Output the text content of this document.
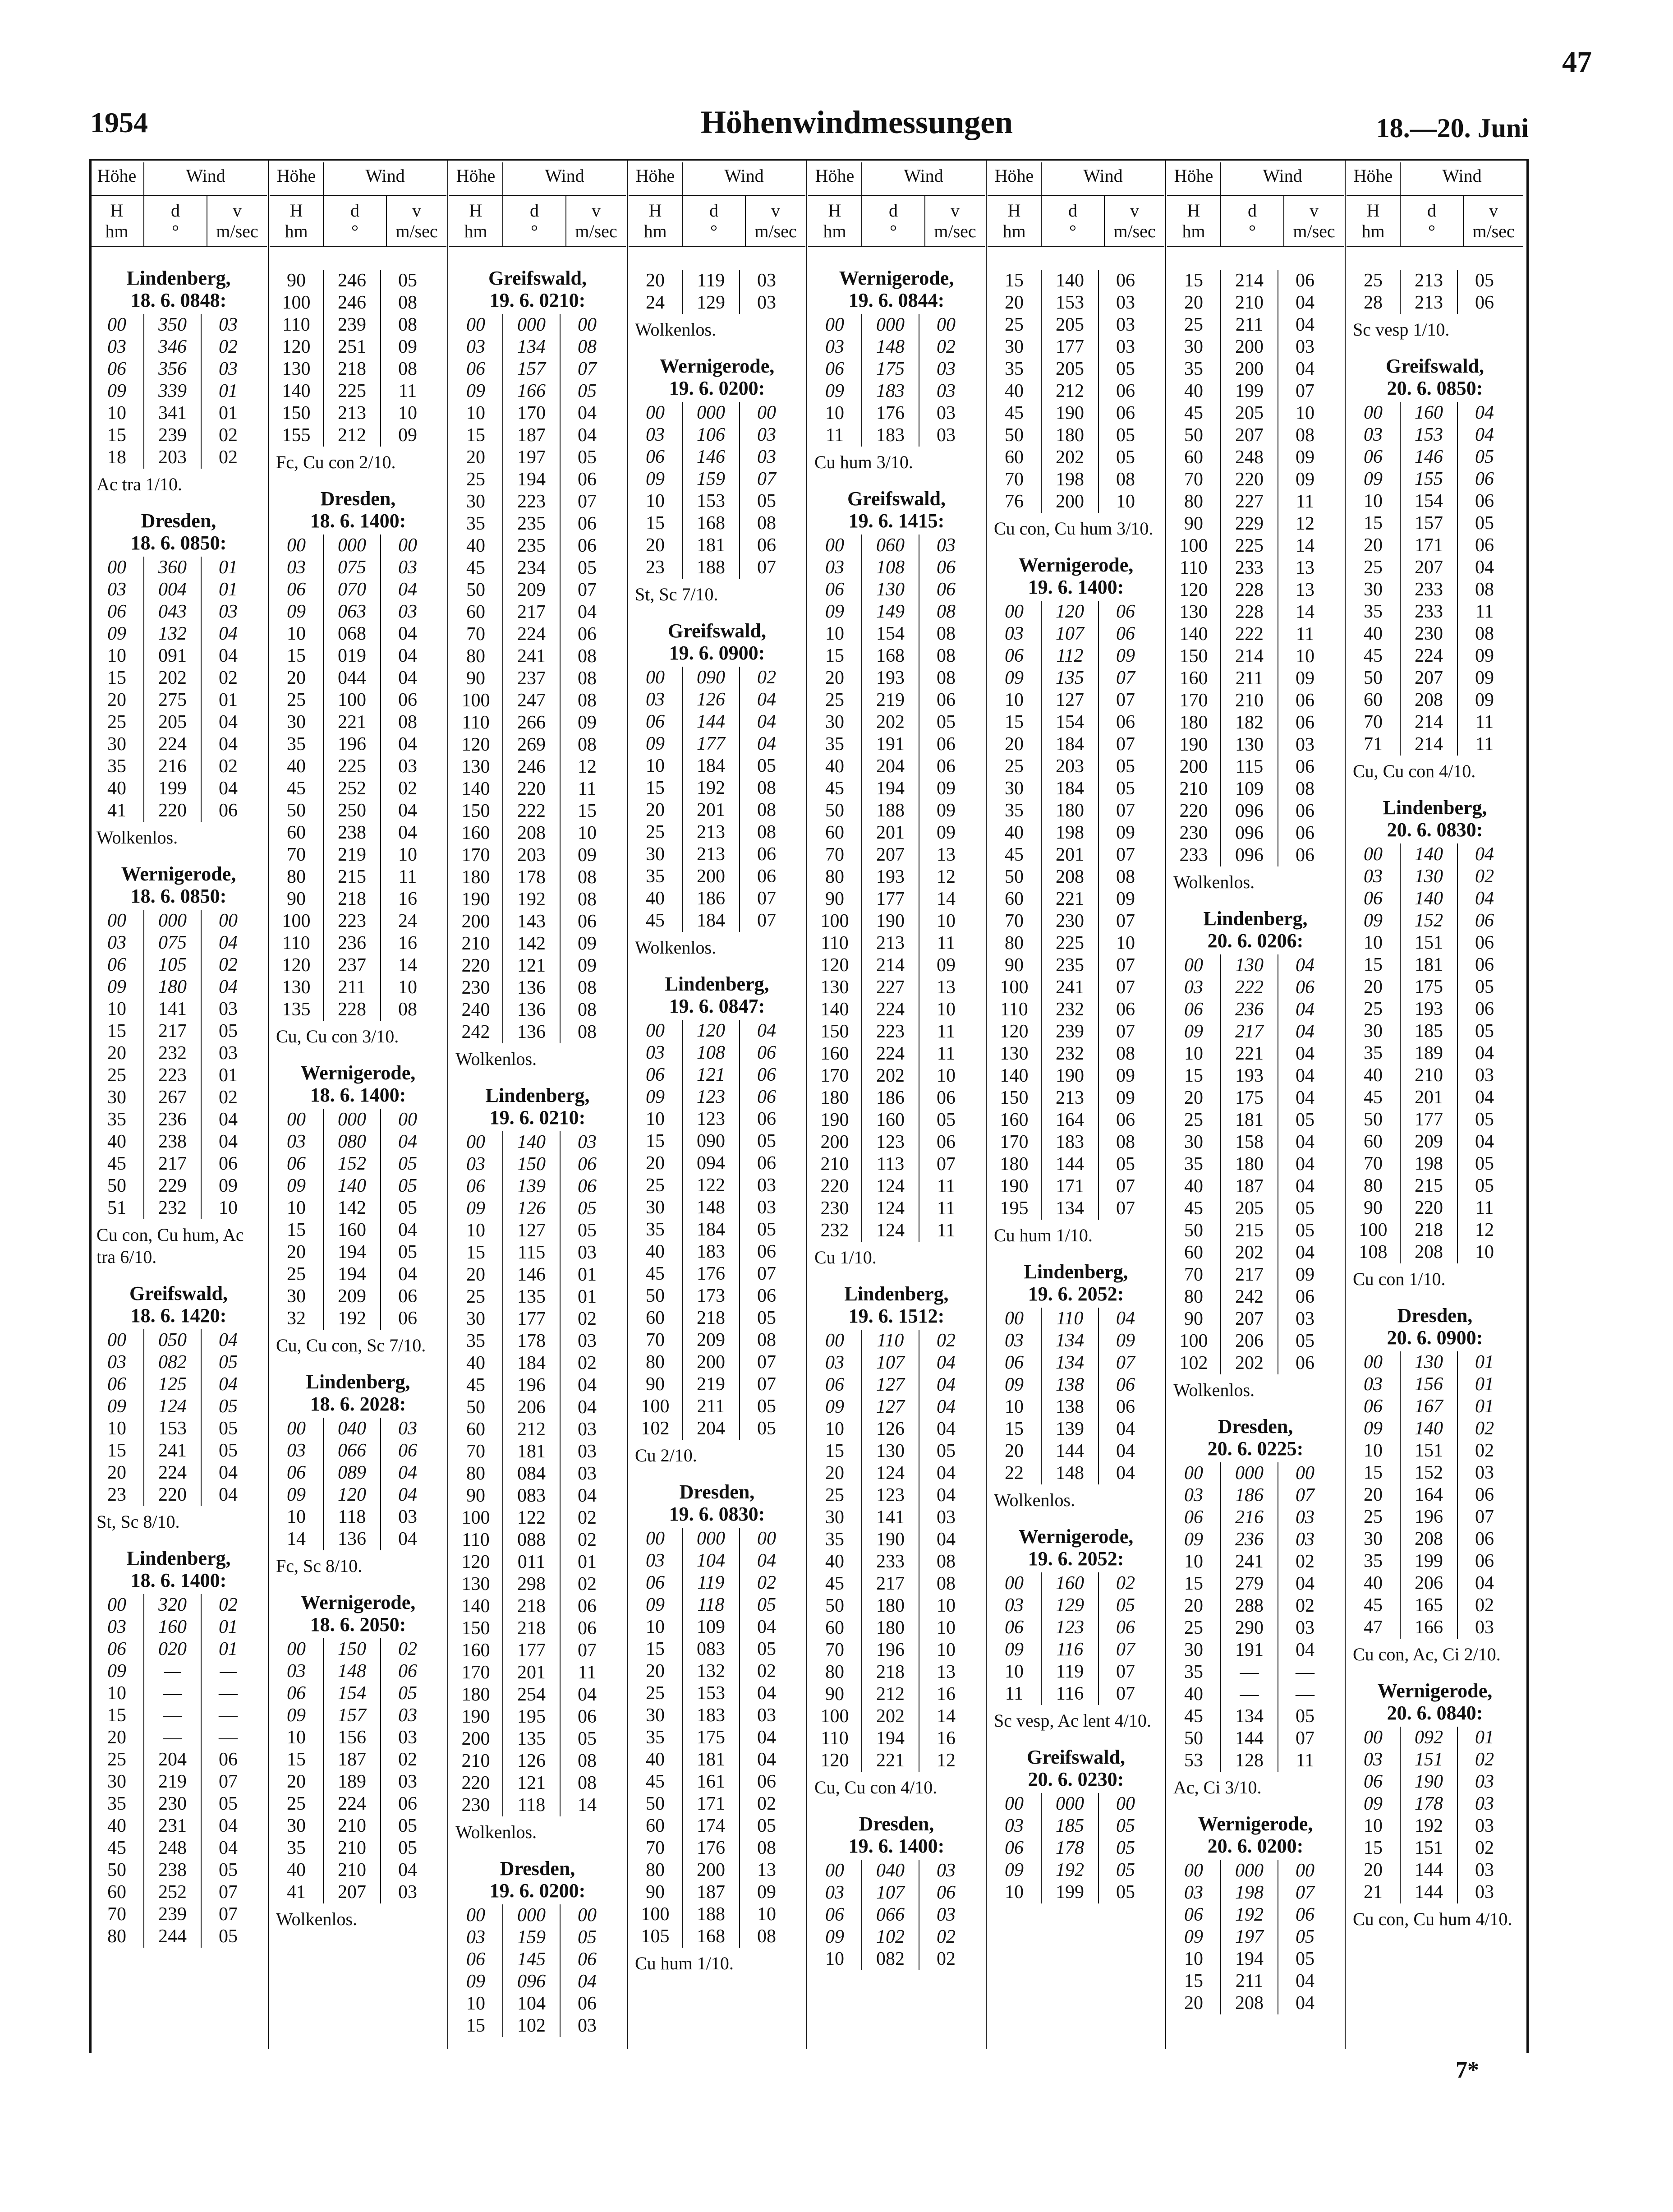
47
1954	Höhenwindmessungen	18.—20. Juni
Höhe	Wind
H
hm
d
°
v
m/sec
Lindenberg,
18. 6. 0848:
00	350	03
03	346	02
06	356	03
09	339	01
10	341	01
15	239	02
18	203	02
Ac tra 1/10.
Dresden,
18. 6. 0850:
00	360	01
03	004	01
06	043	03
09	132	04
10	091	04
15	202	02
20	275	01
25	205	04
30	224	04
35	216	02
40	199	04
41	220	06
Wolkenlos.
Wernigerode,
18. 6. 0850:
00	000	00
03	075	04
06	105	02
09	180	04
10	141	03
15	217	05
20	232	03
25	223	01
30	267	02
35	236	04
40	238	04
45	217	06
50	229	09
51	232	10
Cu con, Cu hum, Ac tra 6/10.
Greifswald,
18. 6. 1420:
00	050	04
03	082	05
06	125	04
09	124	05
10	153	05
15	241	05
20	224	04
23	220	04
St, Sc 8/10.
Lindenberg,
18. 6. 1400:
00	320	02
03	160	01
06	020	01
09	—	—
10	—	—
15	—	—
20	—	—
25	204	06
30	219	07
35	230	05
40	231	04
45	248	04
50	238	05
60	252	07
70	239	07
80	244	05
Höhe	Wind
H
hm
d
°
v
m/sec
90	246	05
100	246	08
110	239	08
120	251	09
130	218	08
140	225	11
150	213	10
155	212	09
Fc, Cu con 2/10.
Dresden,
18. 6. 1400:
00	000	00
03	075	03
06	070	04
09	063	03
10	068	04
15	019	04
20	044	04
25	100	06
30	221	08
35	196	04
40	225	03
45	252	02
50	250	04
60	238	04
70	219	10
80	215	11
90	218	16
100	223	24
110	236	16
120	237	14
130	211	10
135	228	08
Cu, Cu con 3/10.
Wernigerode,
18. 6. 1400:
00	000	00
03	080	04
06	152	05
09	140	05
10	142	05
15	160	04
20	194	05
25	194	04
30	209	06
32	192	06
Cu, Cu con, Sc 7/10.
Lindenberg,
18. 6. 2028:
00	040	03
03	066	06
06	089	04
09	120	04
10	118	03
14	136	04
Fc, Sc 8/10.
Wernigerode,
18. 6. 2050:
00	150	02
03	148	06
06	154	05
09	157	03
10	156	03
15	187	02
20	189	03
25	224	06
30	210	05
35	210	05
40	210	04
41	207	03
Wolkenlos.
Höhe	Wind
H
hm
d
°
v
m/sec
Greifswald,
19. 6. 0210:
00	000	00
03	134	08
06	157	07
09	166	05
10	170	04
15	187	04
20	197	05
25	194	06
30	223	07
35	235	06
40	235	06
45	234	05
50	209	07
60	217	04
70	224	06
80	241	08
90	237	08
100	247	08
110	266	09
120	269	08
130	246	12
140	220	11
150	222	15
160	208	10
170	203	09
180	178	08
190	192	08
200	143	06
210	142	09
220	121	09
230	136	08
240	136	08
242	136	08
Wolkenlos.
Lindenberg,
19. 6. 0210:
00	140	03
03	150	06
06	139	06
09	126	05
10	127	05
15	115	03
20	146	01
25	135	01
30	177	02
35	178	03
40	184	02
45	196	04
50	206	04
60	212	03
70	181	03
80	084	03
90	083	04
100	122	02
110	088	02
120	011	01
130	298	02
140	218	06
150	218	06
160	177	07
170	201	11
180	254	04
190	195	06
200	135	05
210	126	08
220	121	08
230	118	14
Wolkenlos.
Dresden,
19. 6. 0200:
00	000	00
03	159	05
06	145	06
09	096	04
10	104	06
15	102	03
Höhe	Wind
H
hm
d
°
v
m/sec
20	119	03
24	129	03
Wolkenlos.
Wernigerode,
19. 6. 0200:
00	000	00
03	106	03
06	146	03
09	159	07
10	153	05
15	168	08
20	181	06
23	188	07
St, Sc 7/10.
Greifswald,
19. 6. 0900:
00	090	02
03	126	04
06	144	04
09	177	04
10	184	05
15	192	08
20	201	08
25	213	08
30	213	06
35	200	06
40	186	07
45	184	07
Wolkenlos.
Lindenberg,
19. 6. 0847:
00	120	04
03	108	06
06	121	06
09	123	06
10	123	06
15	090	05
20	094	06
25	122	03
30	148	03
35	184	05
40	183	06
45	176	07
50	173	06
60	218	05
70	209	08
80	200	07
90	219	07
100	211	05
102	204	05
Cu 2/10.
Dresden,
19. 6. 0830:
00	000	00
03	104	04
06	119	02
09	118	05
10	109	04
15	083	05
20	132	02
25	153	04
30	183	03
35	175	04
40	181	04
45	161	06
50	171	02
60	174	05
70	176	08
80	200	13
90	187	09
100	188	10
105	168	08
Cu hum 1/10.
Höhe	Wind
H
hm
d
°
v
m/sec
Wernigerode,
19. 6. 0844:
00	000	00
03	148	02
06	175	03
09	183	03
10	176	03
11	183	03
Cu hum 3/10.
Greifswald,
19. 6. 1415:
00	060	03
03	108	06
06	130	06
09	149	08
10	154	08
15	168	08
20	193	08
25	219	06
30	202	05
35	191	06
40	204	06
45	194	09
50	188	09
60	201	09
70	207	13
80	193	12
90	177	14
100	190	10
110	213	11
120	214	09
130	227	13
140	224	10
150	223	11
160	224	11
170	202	10
180	186	06
190	160	05
200	123	06
210	113	07
220	124	11
230	124	11
232	124	11
Cu 1/10.
Lindenberg,
19. 6. 1512:
00	110	02
03	107	04
06	127	04
09	127	04
10	126	04
15	130	05
20	124	04
25	123	04
30	141	03
35	190	04
40	233	08
45	217	08
50	180	10
60	180	10
70	196	10
80	218	13
90	212	16
100	202	14
110	194	16
120	221	12
Cu, Cu con 4/10.
Dresden,
19. 6. 1400:
00	040	03
03	107	06
06	066	03
09	102	02
10	082	02
Höhe	Wind
H
hm
d
°
v
m/sec
15	140	06
20	153	03
25	205	03
30	177	03
35	205	05
40	212	06
45	190	06
50	180	05
60	202	05
70	198	08
76	200	10
Cu con, Cu hum 3/10.
Wernigerode,
19. 6. 1400:
00	120	06
03	107	06
06	112	09
09	135	07
10	127	07
15	154	06
20	184	07
25	203	05
30	184	05
35	180	07
40	198	09
45	201	07
50	208	08
60	221	09
70	230	07
80	225	10
90	235	07
100	241	07
110	232	06
120	239	07
130	232	08
140	190	09
150	213	09
160	164	06
170	183	08
180	144	05
190	171	07
195	134	07
Cu hum 1/10.
Lindenberg,
19. 6. 2052:
00	110	04
03	134	09
06	134	07
09	138	06
10	138	06
15	139	04
20	144	04
22	148	04
Wolkenlos.
Wernigerode,
19. 6. 2052:
00	160	02
03	129	05
06	123	06
09	116	07
10	119	07
11	116	07
Sc vesp, Ac lent 4/10.
Greifswald,
20. 6. 0230:
00	000	00
03	185	05
06	178	05
09	192	05
10	199	05
Höhe	Wind
H
hm
d
°
v
m/sec
15	214	06
20	210	04
25	211	04
30	200	03
35	200	04
40	199	07
45	205	10
50	207	08
60	248	09
70	220	09
80	227	11
90	229	12
100	225	14
110	233	13
120	228	13
130	228	14
140	222	11
150	214	10
160	211	09
170	210	06
180	182	06
190	130	03
200	115	06
210	109	08
220	096	06
230	096	06
233	096	06
Wolkenlos.
Lindenberg,
20. 6. 0206:
00	130	04
03	222	06
06	236	04
09	217	04
10	221	04
15	193	04
20	175	04
25	181	05
30	158	04
35	180	04
40	187	04
45	205	05
50	215	05
60	202	04
70	217	09
80	242	06
90	207	03
100	206	05
102	202	06
Wolkenlos.
Dresden,
20. 6. 0225:
00	000	00
03	186	07
06	216	03
09	236	03
10	241	02
15	279	04
20	288	02
25	290	03
30	191	04
35	—	—
40	—	—
45	134	05
50	144	07
53	128	11
Ac, Ci 3/10.
Wernigerode,
20. 6. 0200:
00	000	00
03	198	07
06	192	06
09	197	05
10	194	05
15	211	04
20	208	04
Höhe	Wind
H
hm
d
°
v
m/sec
25	213	05
28	213	06
Sc vesp 1/10.
Greifswald,
20. 6. 0850:
00	160	04
03	153	04
06	146	05
09	155	06
10	154	06
15	157	05
20	171	06
25	207	04
30	233	08
35	233	11
40	230	08
45	224	09
50	207	09
60	208	09
70	214	11
71	214	11
Cu, Cu con 4/10.
Lindenberg,
20. 6. 0830:
00	140	04
03	130	02
06	140	04
09	152	06
10	151	06
15	181	06
20	175	05
25	193	06
30	185	05
35	189	04
40	210	03
45	201	04
50	177	05
60	209	04
70	198	05
80	215	05
90	220	11
100	218	12
108	208	10
Cu con 1/10.
Dresden,
20. 6. 0900:
00	130	01
03	156	01
06	167	01
09	140	02
10	151	02
15	152	03
20	164	06
25	196	07
30	208	06
35	199	06
40	206	04
45	165	02
47	166	03
Cu con, Ac, Ci 2/10.
Wernigerode,
20. 6. 0840:
00	092	01
03	151	02
06	190	03
09	178	03
10	192	03
15	151	02
20	144	03
21	144	03
Cu con, Cu hum 4/10.
7*
